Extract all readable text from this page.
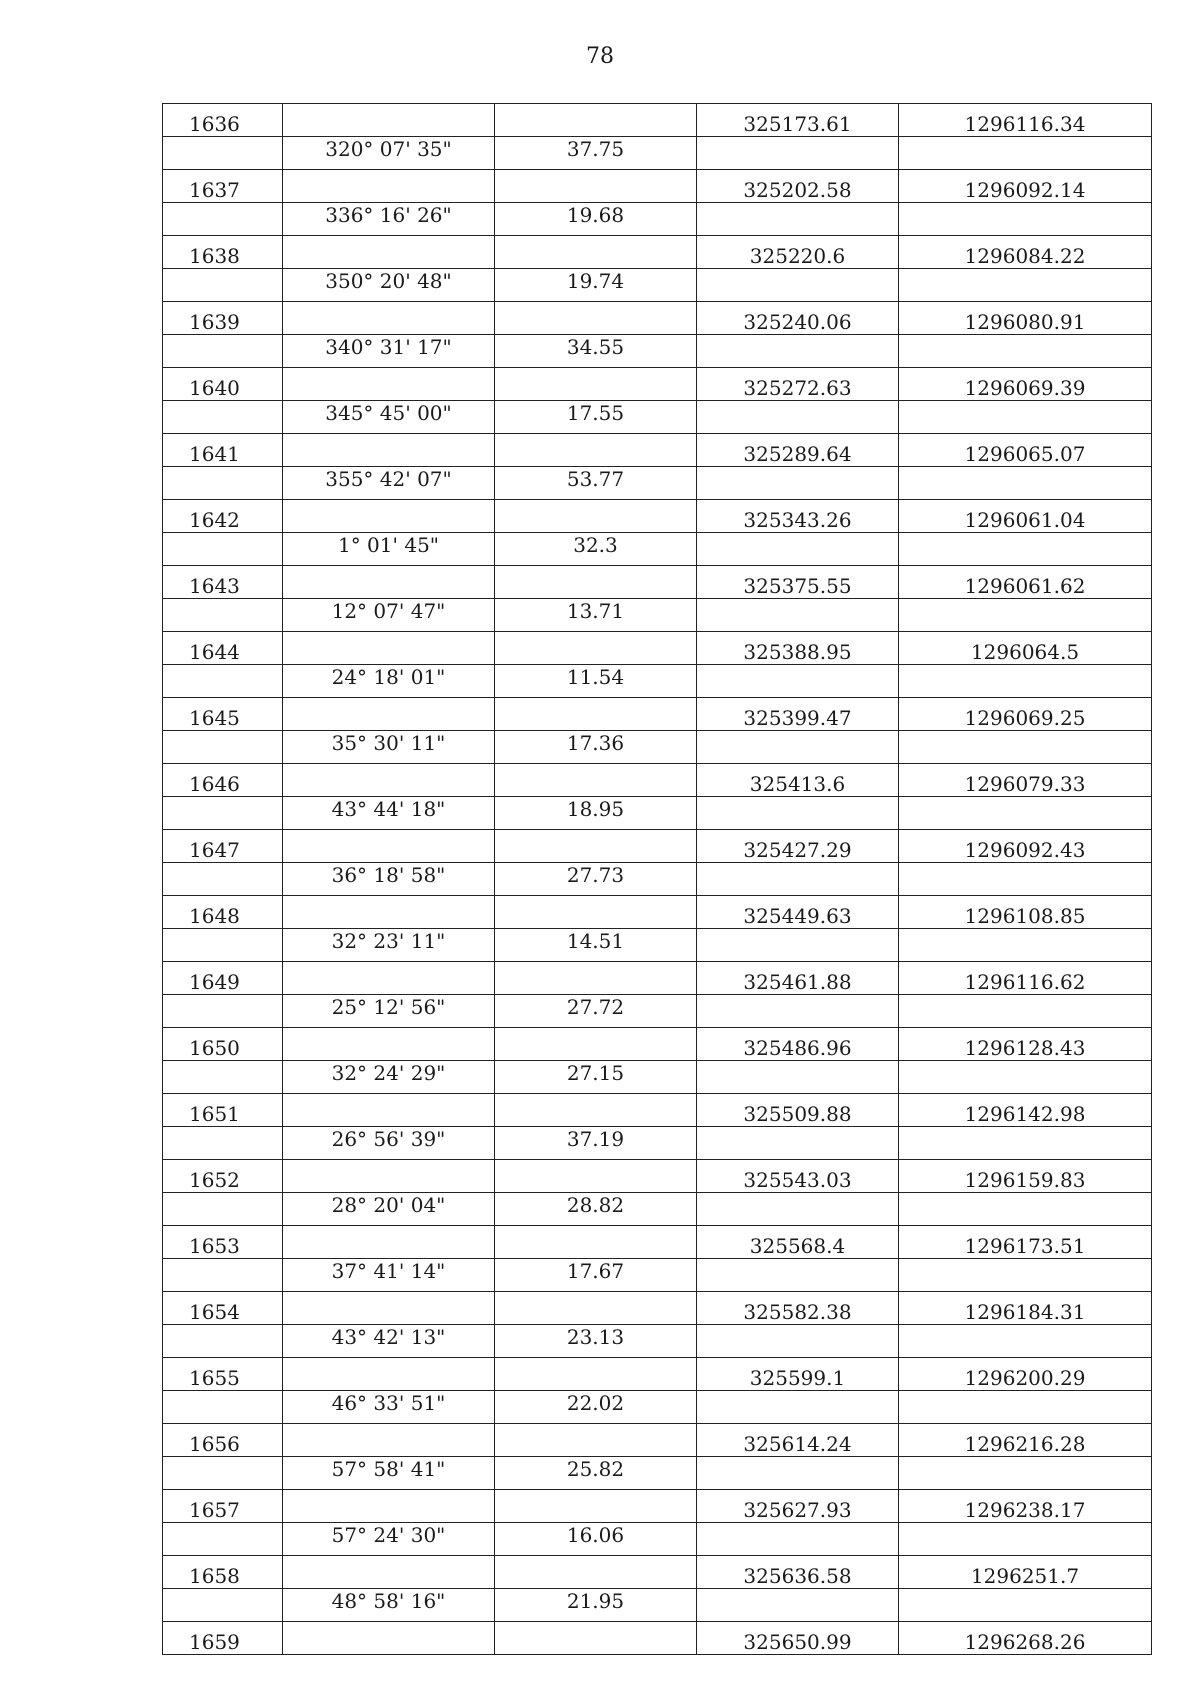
78
1636			325173.61	1296116.34
	320° 07' 35"	37.75		
1637			325202.58	1296092.14
	336° 16' 26"	19.68		
1638			325220.6	1296084.22
	350° 20' 48"	19.74		
1639			325240.06	1296080.91
	340° 31' 17"	34.55		
1640			325272.63	1296069.39
	345° 45' 00"	17.55		
1641			325289.64	1296065.07
	355° 42' 07"	53.77		
1642			325343.26	1296061.04
	1° 01' 45"	32.3		
1643			325375.55	1296061.62
	12° 07' 47"	13.71		
1644			325388.95	1296064.5
	24° 18' 01"	11.54		
1645			325399.47	1296069.25
	35° 30' 11"	17.36		
1646			325413.6	1296079.33
	43° 44' 18"	18.95		
1647			325427.29	1296092.43
	36° 18' 58"	27.73		
1648			325449.63	1296108.85
	32° 23' 11"	14.51		
1649			325461.88	1296116.62
	25° 12' 56"	27.72		
1650			325486.96	1296128.43
	32° 24' 29"	27.15		
1651			325509.88	1296142.98
	26° 56' 39"	37.19		
1652			325543.03	1296159.83
	28° 20' 04"	28.82		
1653			325568.4	1296173.51
	37° 41' 14"	17.67		
1654			325582.38	1296184.31
	43° 42' 13"	23.13		
1655			325599.1	1296200.29
	46° 33' 51"	22.02		
1656			325614.24	1296216.28
	57° 58' 41"	25.82		
1657			325627.93	1296238.17
	57° 24' 30"	16.06		
1658			325636.58	1296251.7
	48° 58' 16"	21.95		
1659			325650.99	1296268.26
